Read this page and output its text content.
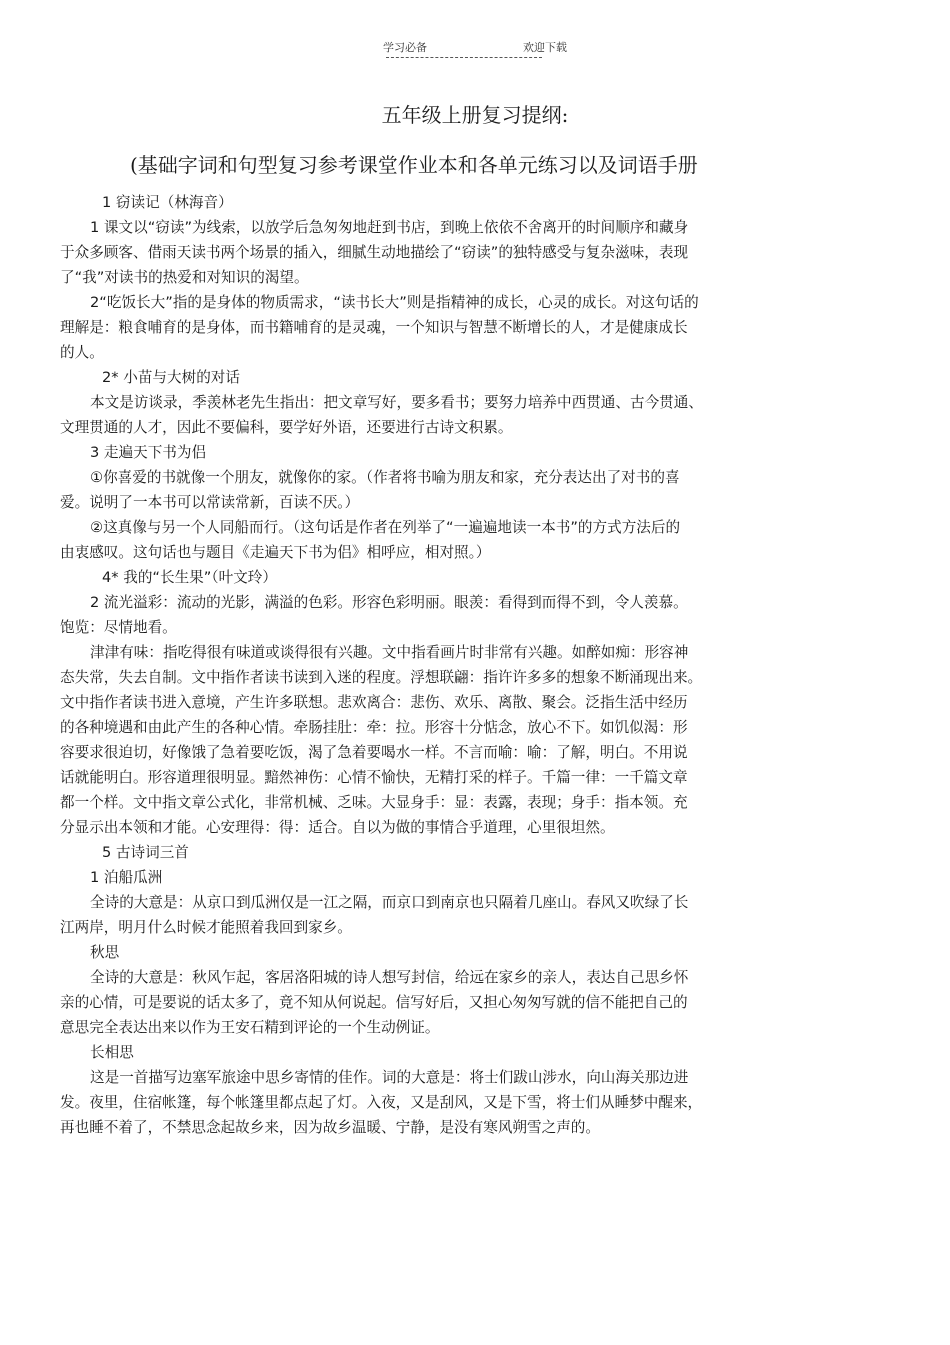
学习必备	欢迎下载
五年级上册复习提纲:
(基础字词和句型复习参考课堂作业本和各单元练习以及词语手册
1 窃读记（林海音）
1 课文以“窃读”为线索，以放学后急匆匆地赶到书店，到晚上依依不舍离开的时间顺序和藏身
于众多顾客、借雨天读书两个场景的插入，细腻生动地描绘了“窃读”的独特感受与复杂滋味，表现
了“我”对读书的热爱和对知识的渴望。
2“吃饭长大”指的是身体的物质需求，“读书长大”则是指精神的成长，心灵的成长。对这句话的
理解是：粮食哺育的是身体，而书籍哺育的是灵魂，一个知识与智慧不断增长的人，才是健康成长
的人。
2* 小苗与大树的对话
本文是访谈录，季羡林老先生指出：把文章写好，要多看书；要努力培养中西贯通、古今贯通、
文理贯通的人才，因此不要偏科，要学好外语，还要进行古诗文积累。
3 走遍天下书为侣
①你喜爱的书就像一个朋友，就像你的家。（作者将书喻为朋友和家，充分表达出了对书的喜
爱。说明了一本书可以常读常新，百读不厌。）
②这真像与另一个人同船而行。（这句话是作者在列举了“一遍遍地读一本书”的方式方法后的
由衷感叹。这句话也与题目《走遍天下书为侣》相呼应，相对照。）
4* 我的“长生果”（叶文玲）
2 流光溢彩：流动的光影，满溢的色彩。形容色彩明丽。眼羡：看得到而得不到，令人羡慕。
饱览：尽情地看。
津津有味：指吃得很有味道或谈得很有兴趣。文中指看画片时非常有兴趣。如醉如痴：形容神
态失常，失去自制。文中指作者读书读到入迷的程度。浮想联翩：指许许多多的想象不断涌现出来。
文中指作者读书进入意境，产生许多联想。悲欢离合：悲伤、欢乐、离散、聚会。泛指生活中经历
的各种境遇和由此产生的各种心情。牵肠挂肚：牵：拉。形容十分惦念，放心不下。如饥似渴：形
容要求很迫切，好像饿了急着要吃饭，渴了急着要喝水一样。不言而喻：喻：了解，明白。不用说
话就能明白。形容道理很明显。黯然神伤：心情不愉快，无精打采的样子。千篇一律：一千篇文章
都一个样。文中指文章公式化，非常机械、乏味。大显身手：显：表露，表现；身手：指本领。充
分显示出本领和才能。心安理得：得：适合。自以为做的事情合乎道理，心里很坦然。
5 古诗词三首
1 泊船瓜洲
全诗的大意是：从京口到瓜洲仅是一江之隔，而京口到南京也只隔着几座山。春风又吹绿了长
江两岸，明月什么时候才能照着我回到家乡。
秋思
全诗的大意是：秋风乍起，客居洛阳城的诗人想写封信，给远在家乡的亲人，表达自己思乡怀
亲的心情，可是要说的话太多了，竟不知从何说起。信写好后，又担心匆匆写就的信不能把自己的
意思完全表达出来以作为王安石精到评论的一个生动例证。
长相思
这是一首描写边塞军旅途中思乡寄情的佳作。词的大意是：将士们跋山涉水，向山海关那边进
发。夜里，住宿帐篷，每个帐篷里都点起了灯。入夜，又是刮风，又是下雪，将士们从睡梦中醒来，
再也睡不着了，不禁思念起故乡来，因为故乡温暖、宁静，是没有寒风朔雪之声的。
